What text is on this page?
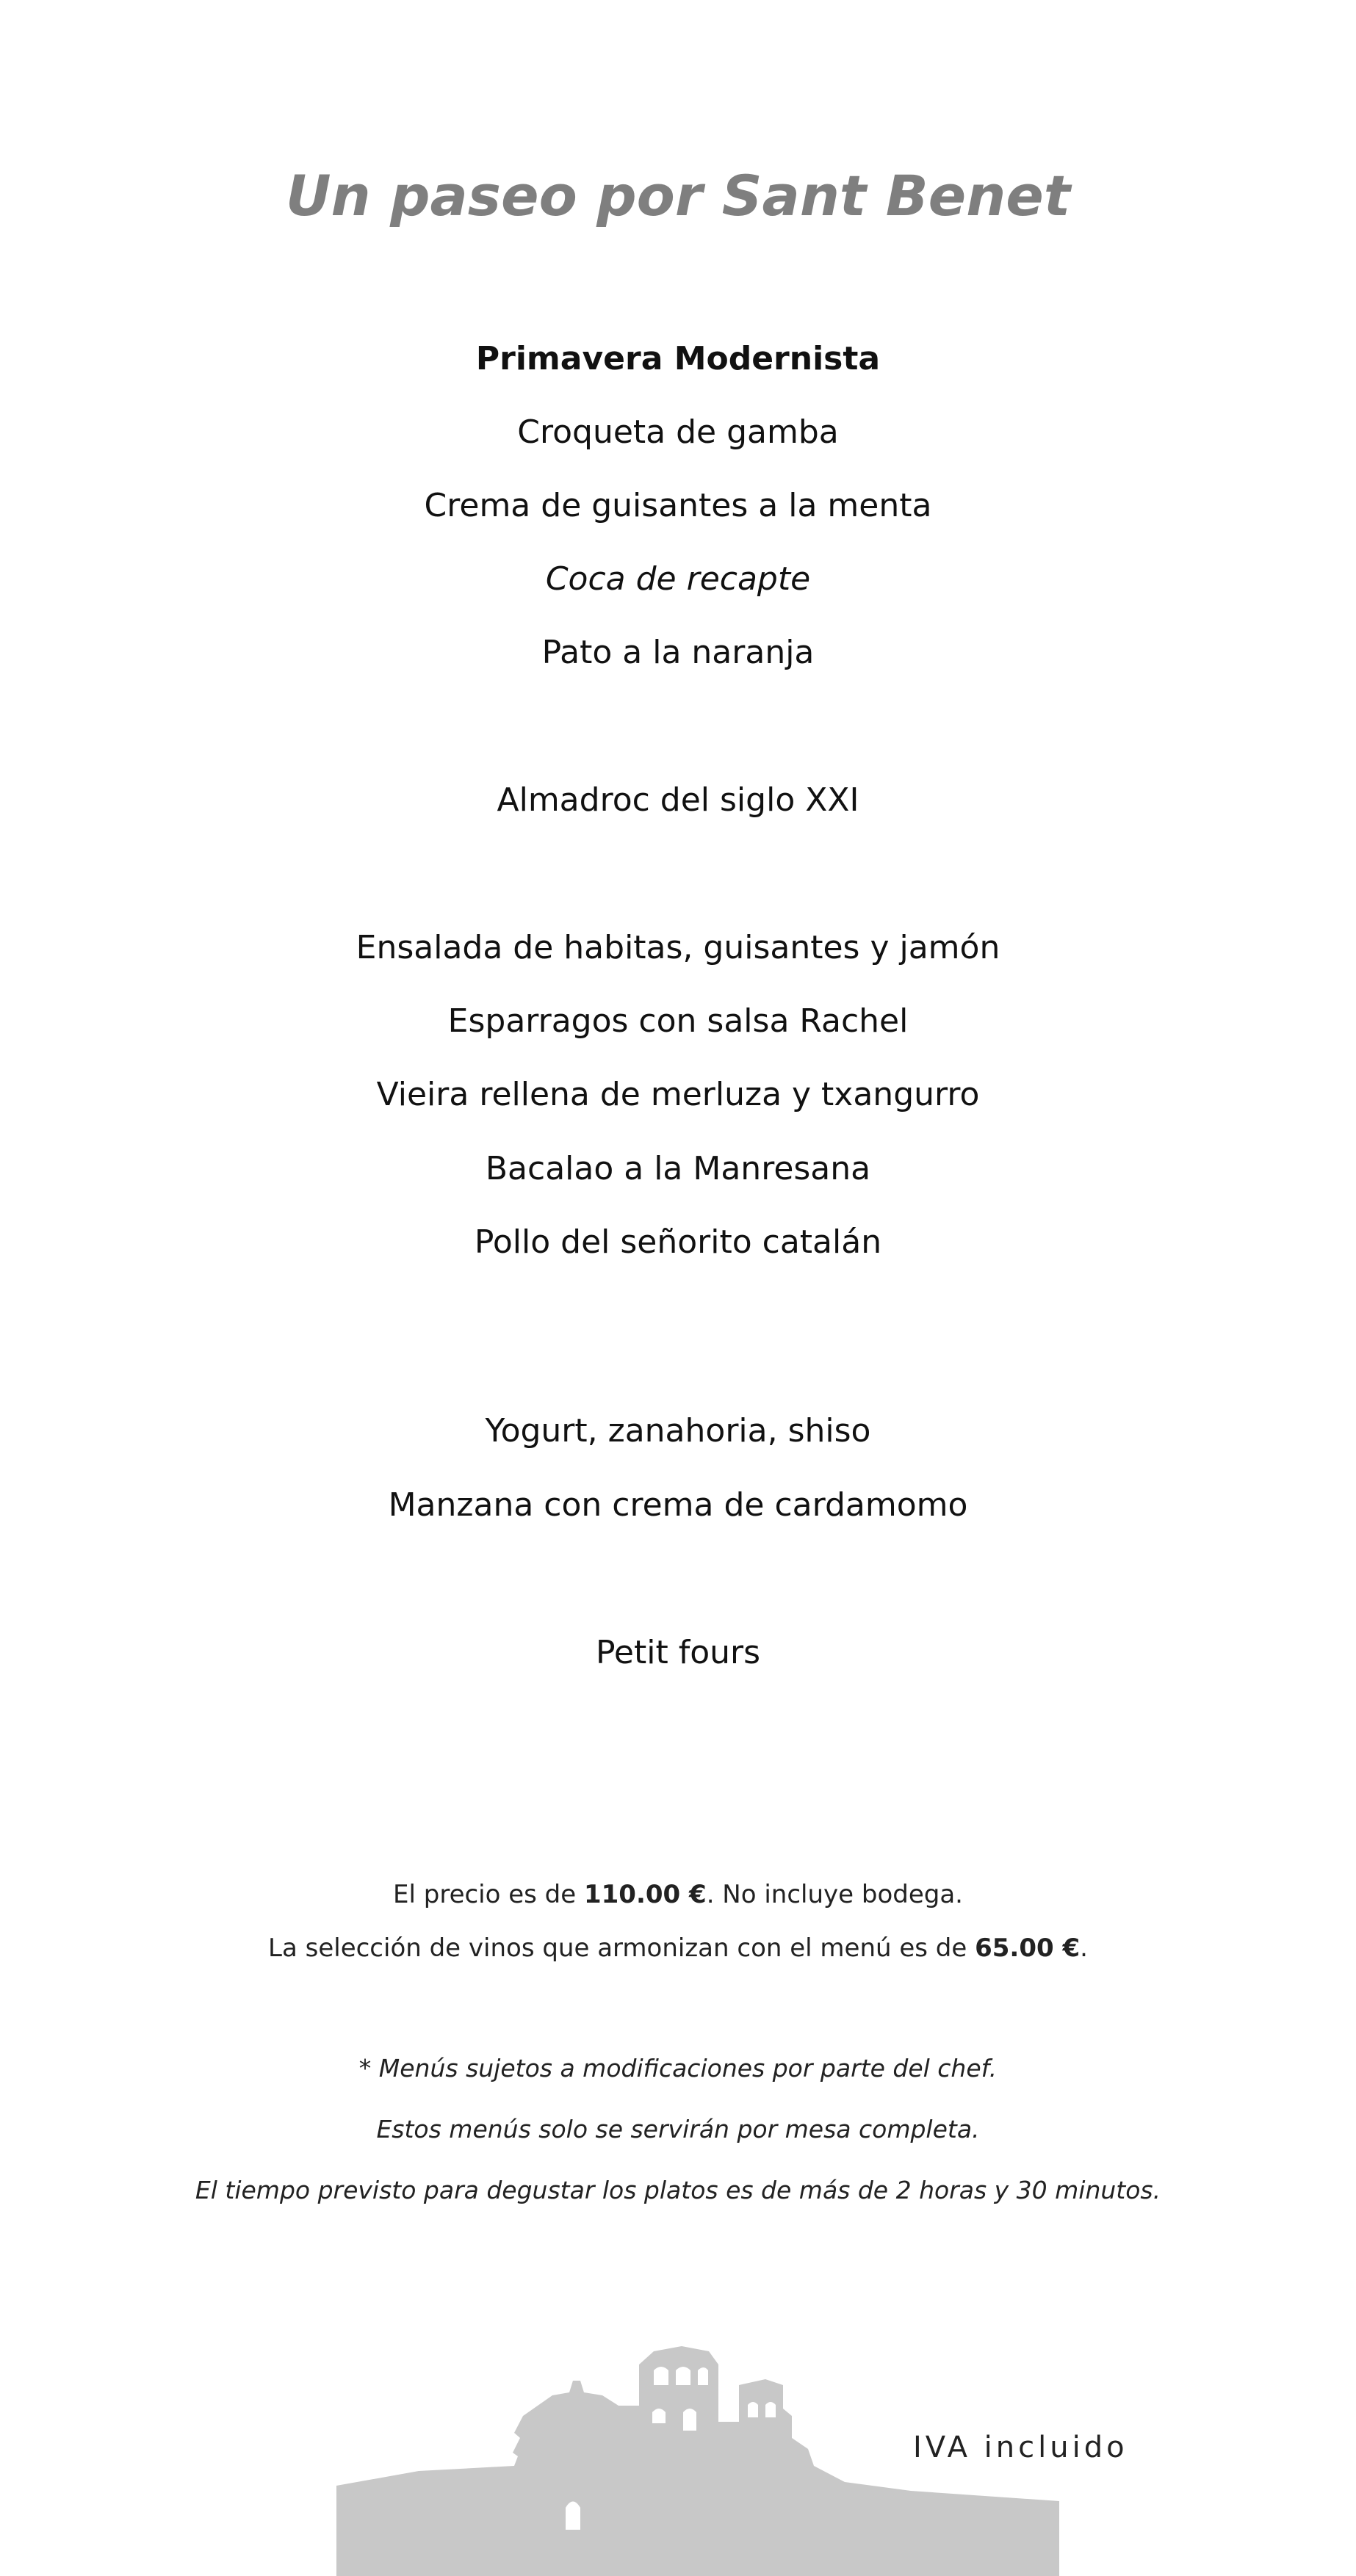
Un paseo por Sant Benet
Primavera Modernista
Croqueta de gamba
Crema de guisantes a la menta
Coca de recapte
Pato a la naranja
Almadroc del siglo XXI
Ensalada de habitas, guisantes y jamón
Esparragos con salsa Rachel
Vieira rellena de merluza y txangurro
Bacalao a la Manresana
Pollo del señorito catalán
Yogurt, zanahoria, shiso
Manzana con crema de cardamomo
Petit fours
El precio es de 110.00 €. No incluye bodega.
La selección de vinos que armonizan con el menú es de 65.00 €.
* Menús sujetos a modificaciones por parte del chef.
Estos menús solo se servirán por mesa completa.
El tiempo previsto para degustar los platos es de más de 2 horas y 30 minutos.
IVA incluido
